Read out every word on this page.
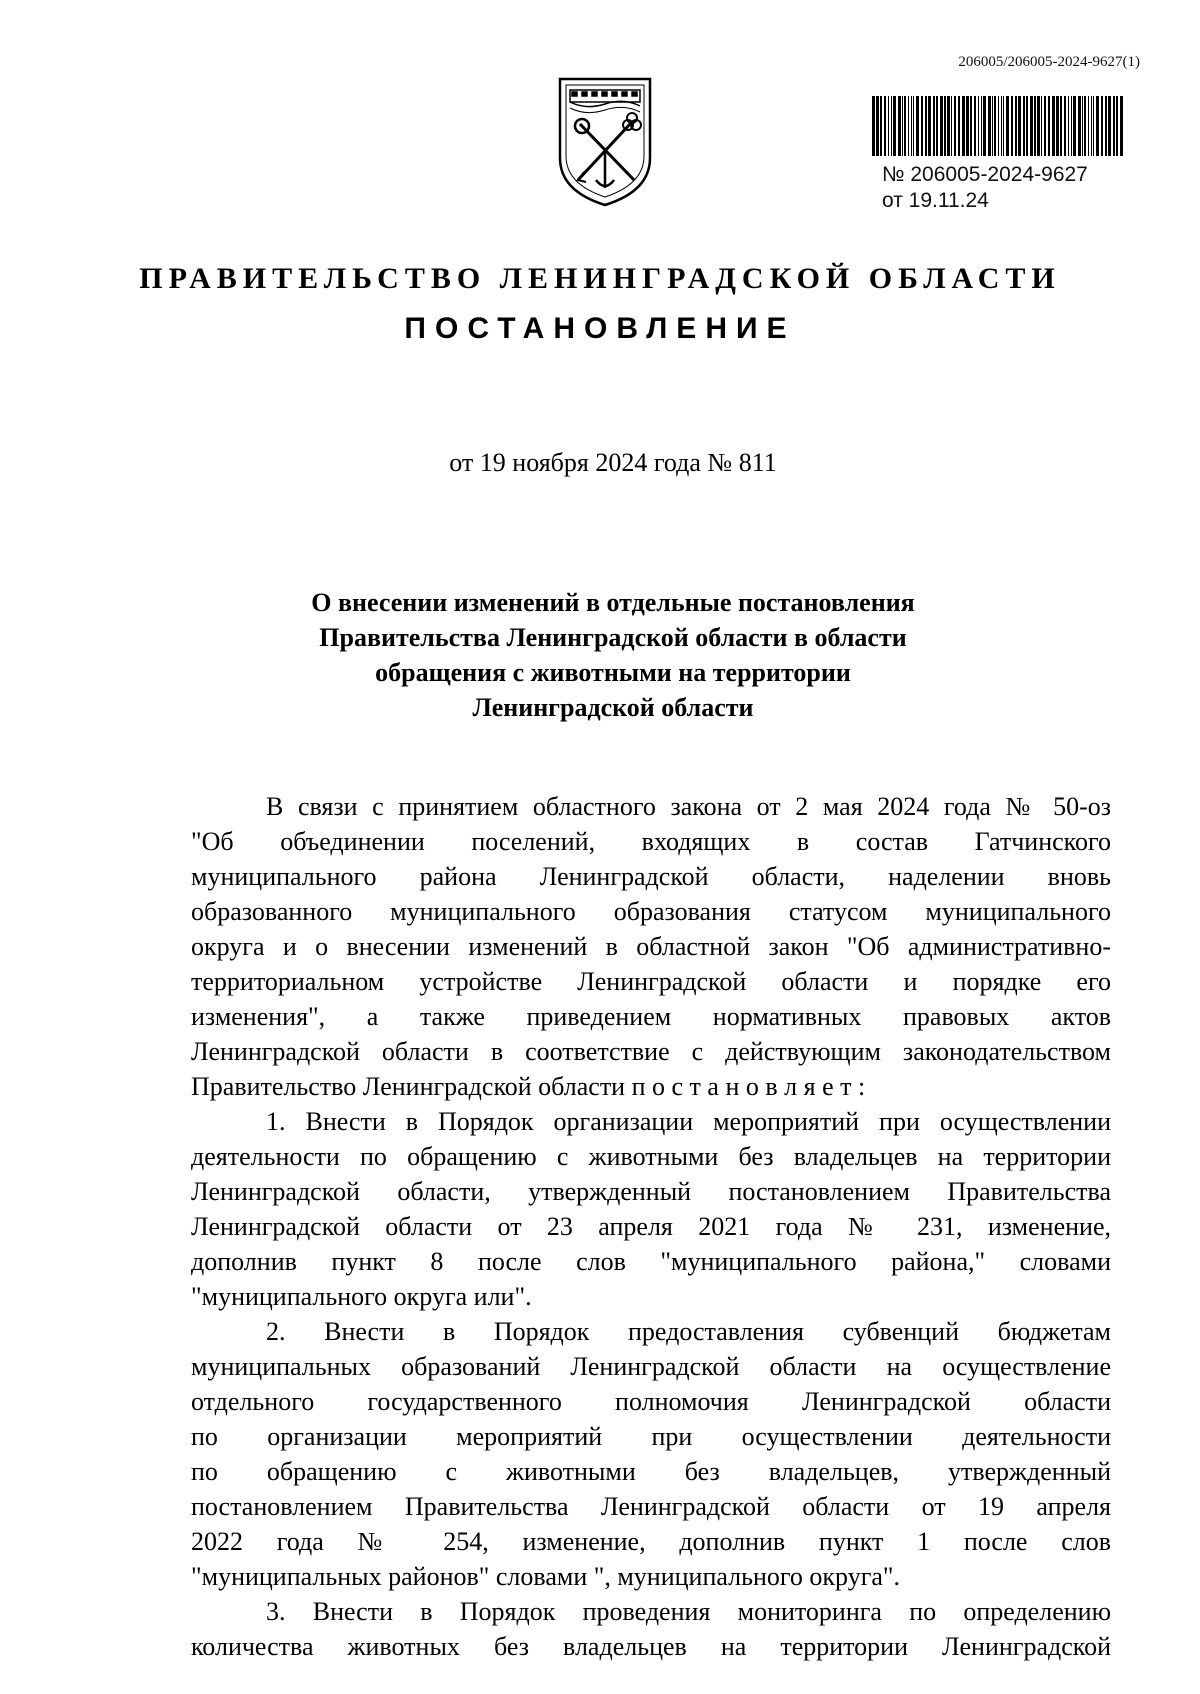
206005/206005-2024-9627(1)
№ 206005-2024-9627
от 19.11.24
ПРАВИТЕЛЬСТВО ЛЕНИНГРАДСКОЙ ОБЛАСТИ
ПОСТАНОВЛЕНИЕ
от 19 ноября 2024 года № 811
О внесении изменений в отдельные постановления
Правительства Ленинградской области в области
обращения с животными на территории
Ленинградской области
В связи с принятием областного закона от 2 мая 2024 года № 50-оз
"Об объединении поселений, входящих в состав Гатчинского
муниципального района Ленинградской области, наделении вновь
образованного муниципального образования статусом муниципального
округа и о внесении изменений в областной закон "Об административно-
территориальном устройстве Ленинградской области и порядке его
изменения", а также приведением нормативных правовых актов
Ленинградской области в соответствие с действующим законодательством
Правительство Ленинградской области п о с т а н о в л я е т :
1. Внести в Порядок организации мероприятий при осуществлении
деятельности по обращению с животными без владельцев на территории
Ленинградской области, утвержденный постановлением Правительства
Ленинградской области от 23 апреля 2021 года № 231, изменение,
дополнив пункт 8 после слов "муниципального района," словами
"муниципального округа или".
2. Внести в Порядок предоставления субвенций бюджетам
муниципальных образований Ленинградской области на осуществление
отдельного государственного полномочия Ленинградской области
по организации мероприятий при осуществлении деятельности
по обращению с животными без владельцев, утвержденный
постановлением Правительства Ленинградской области от 19 апреля
2022 года № 254, изменение, дополнив пункт 1 после слов
"муниципальных районов" словами ", муниципального округа".
3. Внести в Порядок проведения мониторинга по определению
количества животных без владельцев на территории Ленинградской
